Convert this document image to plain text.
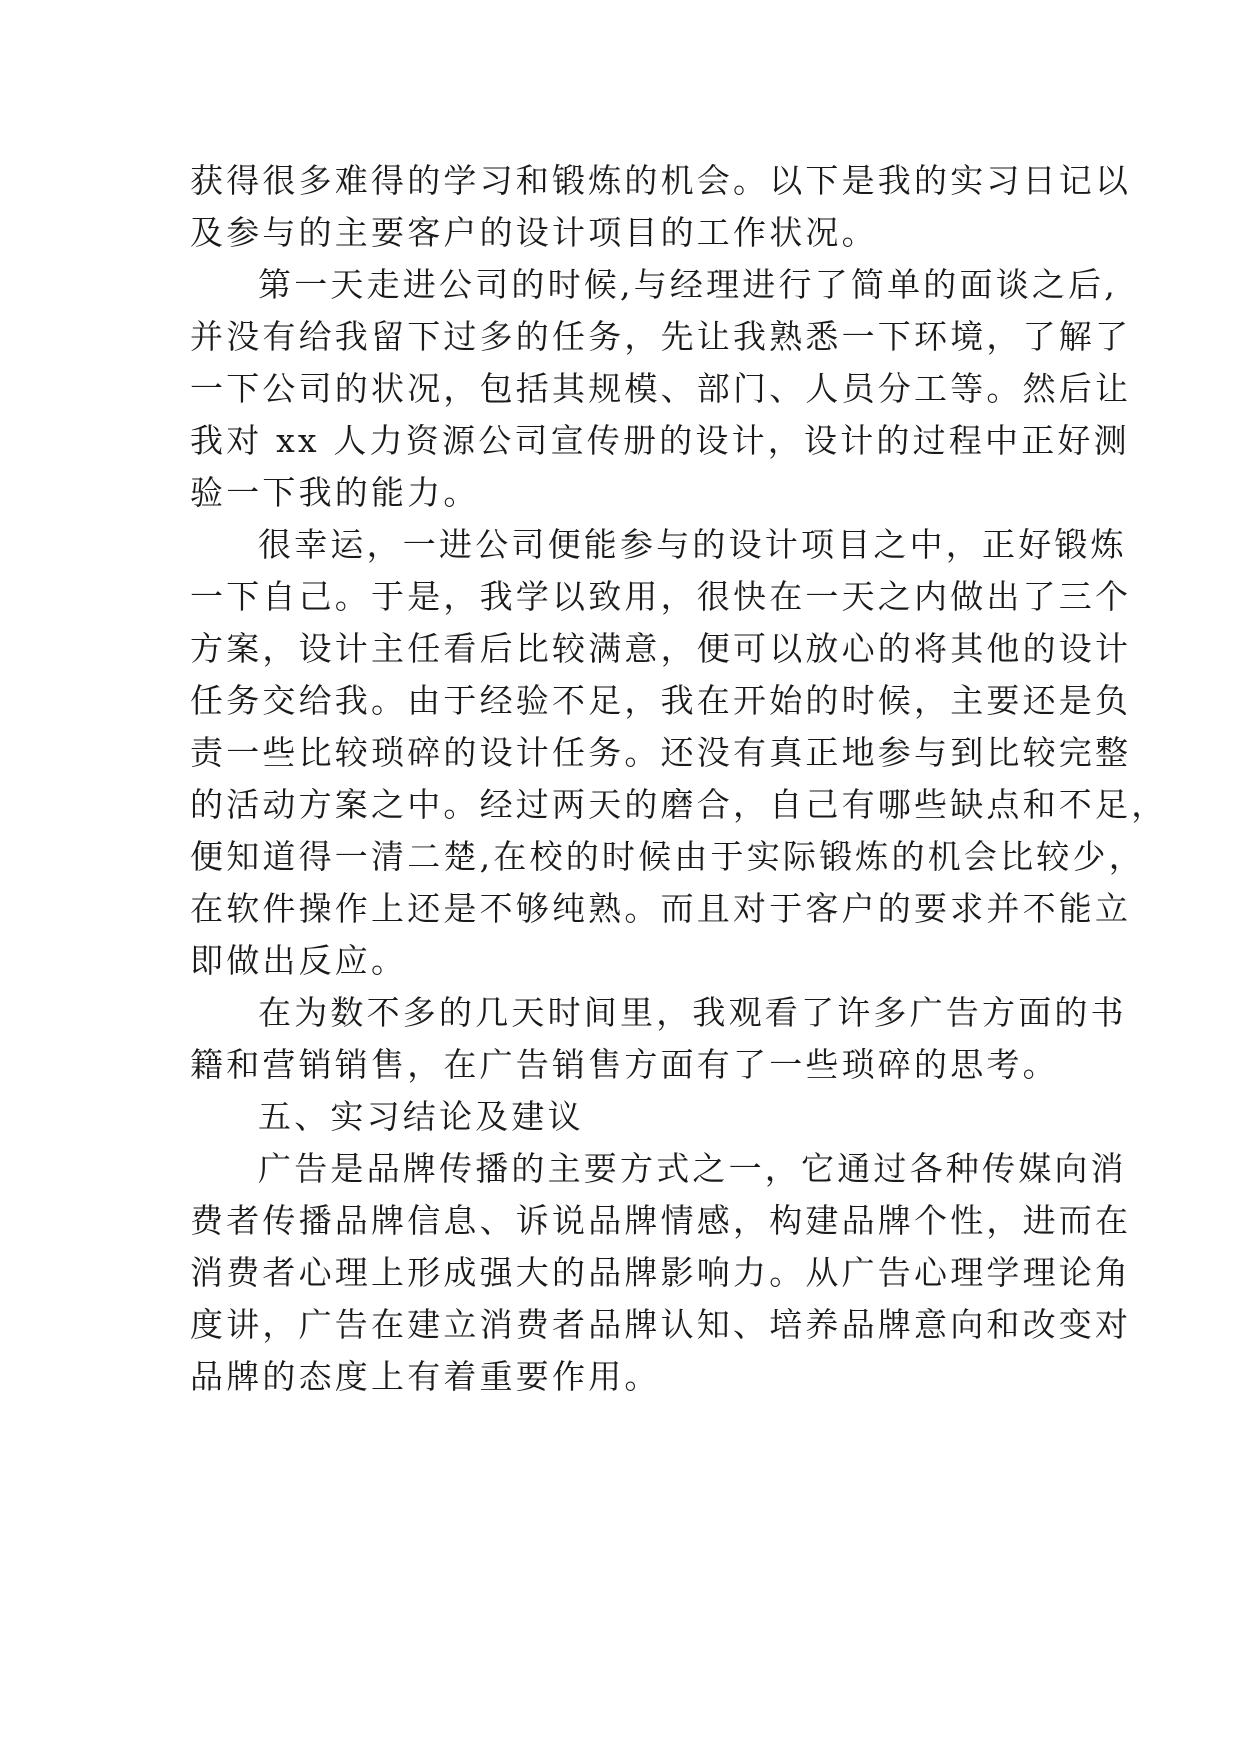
获得很多难得的学习和锻炼的机会。以下是我的实习日记以
及参与的主要客户的设计项目的工作状况。
第一天走进公司的时候,与经理进行了简单的面谈之后,
并没有给我留下过多的任务，先让我熟悉一下环境，了解了
一下公司的状况，包括其规模、部门、人员分工等。然后让
我对 xx 人力资源公司宣传册的设计，设计的过程中正好测
验一下我的能力。
很幸运，一进公司便能参与的设计项目之中，正好锻炼
一下自己。于是，我学以致用，很快在一天之内做出了三个
方案，设计主任看后比较满意，便可以放心的将其他的设计
任务交给我。由于经验不足，我在开始的时候，主要还是负
责一些比较琐碎的设计任务。还没有真正地参与到比较完整
的活动方案之中。经过两天的磨合，自己有哪些缺点和不足，
便知道得一清二楚,在校的时候由于实际锻炼的机会比较少，
在软件操作上还是不够纯熟。而且对于客户的要求并不能立
即做出反应。
在为数不多的几天时间里，我观看了许多广告方面的书
籍和营销销售，在广告销售方面有了一些琐碎的思考。
五、实习结论及建议
广告是品牌传播的主要方式之一，它通过各种传媒向消
费者传播品牌信息、诉说品牌情感，构建品牌个性，进而在
消费者心理上形成强大的品牌影响力。从广告心理学理论角
度讲，广告在建立消费者品牌认知、培养品牌意向和改变对
品牌的态度上有着重要作用。
